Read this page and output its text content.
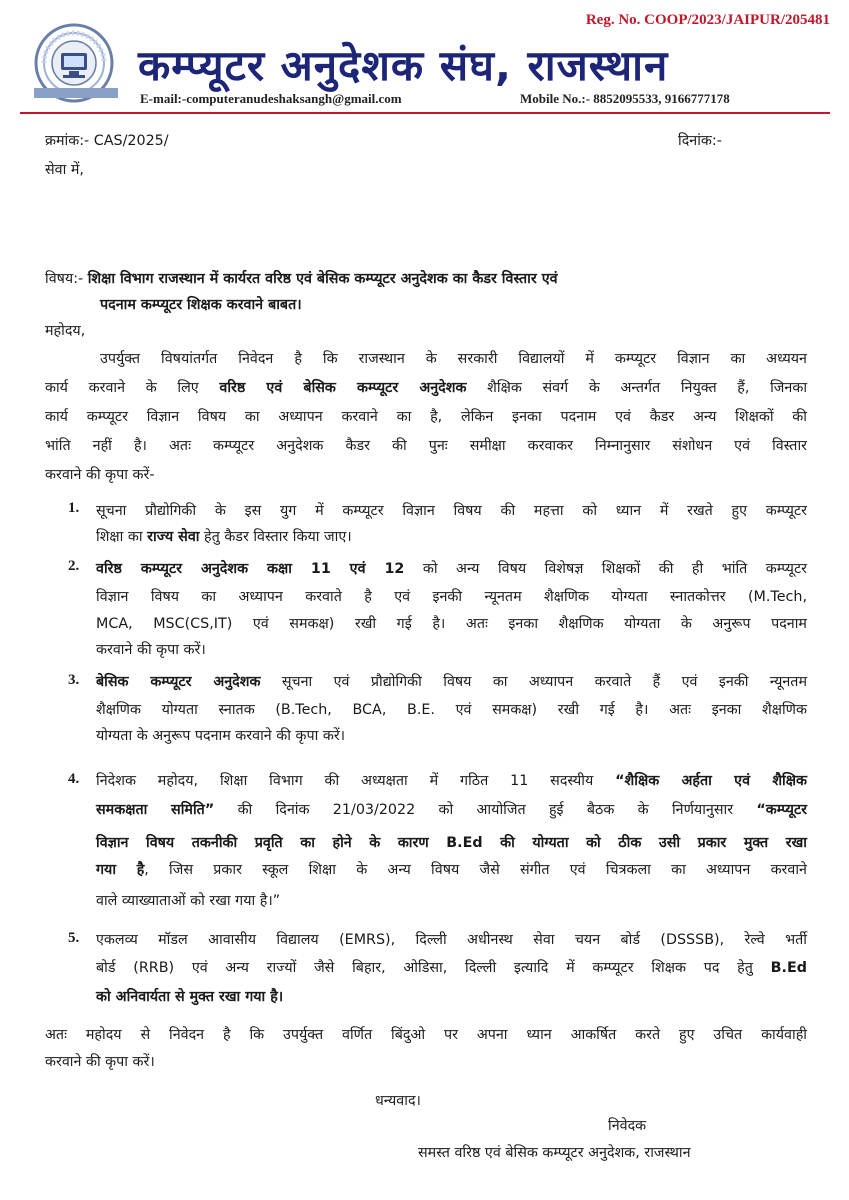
Reg. No. COOP/2023/JAIPUR/205481
कम्प्यूटर अनुदेशक संघ, राजस्थान
E-mail:-computeranudeshaksangh@gmail.com	Mobile No.:- 8852095533, 9166777178
क्रमांक:- CAS/2025/	दिनांक:-
सेवा में,
विषय:- शिक्षा विभाग राजस्थान में कार्यरत वरिष्ठ एवं बेसिक कम्प्यूटर अनुदेशक का कैडर विस्तार एवं
पदनाम कम्प्यूटर शिक्षक करवाने बाबत।
महोदय,
उपर्युक्त विषयांतर्गत निवेदन है कि राजस्थान के सरकारी विद्यालयों में कम्प्यूटर विज्ञान का अध्ययन
कार्य करवाने के लिए वरिष्ठ एवं बेसिक कम्प्यूटर अनुदेशक शैक्षिक संवर्ग के अन्तर्गत नियुक्त हैं, जिनका
कार्य कम्प्यूटर विज्ञान विषय का अध्यापन करवाने का है, लेकिन इनका पदनाम एवं कैडर अन्य शिक्षकों की
भांति नहीं है। अतः कम्प्यूटर अनुदेशक कैडर की पुनः समीक्षा करवाकर निम्नानुसार संशोधन एवं विस्तार
करवाने की कृपा करें-
1. सूचना प्रौद्योगिकी के इस युग में कम्प्यूटर विज्ञान विषय की महत्ता को ध्यान में रखते हुए कम्प्यूटर
शिक्षा का राज्य सेवा हेतु कैडर विस्तार किया जाए।
2. वरिष्ठ कम्प्यूटर अनुदेशक कक्षा 11 एवं 12 को अन्य विषय विशेषज्ञ शिक्षकों की ही भांति कम्प्यूटर
विज्ञान विषय का अध्यापन करवाते है एवं इनकी न्यूनतम शैक्षणिक योग्यता स्नातकोत्तर (M.Tech,
MCA, MSC(CS,IT) एवं समकक्ष) रखी गई है। अतः इनका शैक्षणिक योग्यता के अनुरूप पदनाम
करवाने की कृपा करें।
3. बेसिक कम्प्यूटर अनुदेशक सूचना एवं प्रौद्योगिकी विषय का अध्यापन करवाते हैं एवं इनकी न्यूनतम
शैक्षणिक योग्यता स्नातक (B.Tech, BCA, B.E. एवं समकक्ष) रखी गई है। अतः इनका शैक्षणिक
योग्यता के अनुरूप पदनाम करवाने की कृपा करें।
4. निदेशक महोदय, शिक्षा विभाग की अध्यक्षता में गठित 11 सदस्यीय “शैक्षिक अर्हता एवं शैक्षिक
समकक्षता समिति” की दिनांक 21/03/2022 को आयोजित हुई बैठक के निर्णयानुसार “कम्प्यूटर
विज्ञान विषय तकनीकी प्रवृति का होने के कारण B.Ed की योग्यता को ठीक उसी प्रकार मुक्त रखा
गया है, जिस प्रकार स्कूल शिक्षा के अन्य विषय जैसे संगीत एवं चित्रकला का अध्यापन करवाने
वाले व्याख्याताओं को रखा गया है।”
5. एकलव्य मॉडल आवासीय विद्यालय (EMRS), दिल्ली अधीनस्थ सेवा चयन बोर्ड (DSSSB), रेल्वे भर्ती
बोर्ड (RRB) एवं अन्य राज्यों जैसे बिहार, ओडिसा, दिल्ली इत्यादि में कम्प्यूटर शिक्षक पद हेतु B.Ed
को अनिवार्यता से मुक्त रखा गया है।
अतः महोदय से निवेदन है कि उपर्युक्त वर्णित बिंदुओ पर अपना ध्यान आकर्षित करते हुए उचित कार्यवाही
करवाने की कृपा करें।
धन्यवाद।
निवेदक
समस्त वरिष्ठ एवं बेसिक कम्प्यूटर अनुदेशक, राजस्थान
